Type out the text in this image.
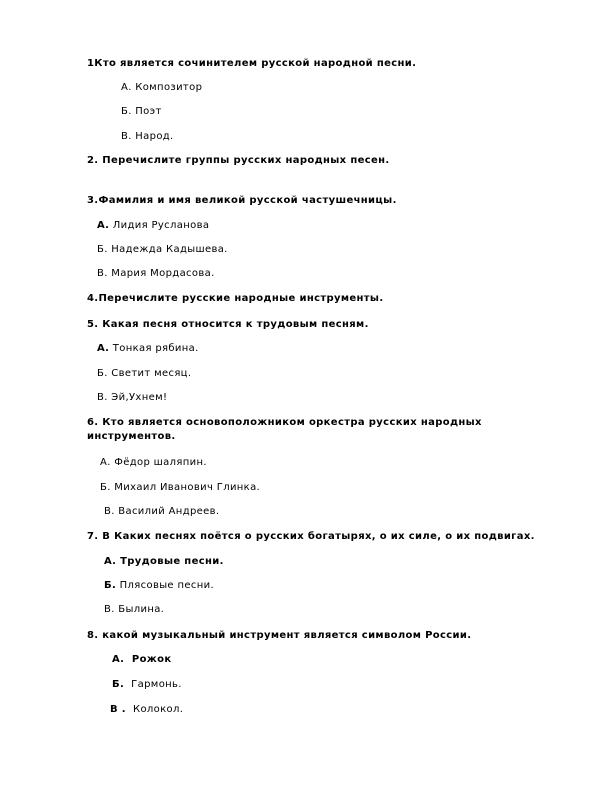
1Кто является сочинителем русской народной песни.
А. Композитор
Б. Поэт
В. Народ.
2. Перечислите группы русских народных песен.
3.Фамилия и имя великой русской частушечницы.
А. Лидия Русланова
Б. Надежда Кадышева.
В. Мария Мордасова.
4.Перечислите русские народные инструменты.
5. Какая песня относится к трудовым песням.
А. Тонкая рябина.
Б. Светит месяц.
В. Эй,Ухнем!
6. Кто является основоположником оркестра русских народных инструментов.
А. Фёдор шаляпин.
Б. Михаил Иванович Глинка.
В. Василий Андреев.
7. В Каких песнях поётся о русских богатырях, о их силе, о их подвигах.
А. Трудовые песни.
Б. Плясовые песни.
В. Былина.
8. какой музыкальный инструмент является символом России.
А.  Рожок
Б.  Гармонь.
В .  Колокол.
